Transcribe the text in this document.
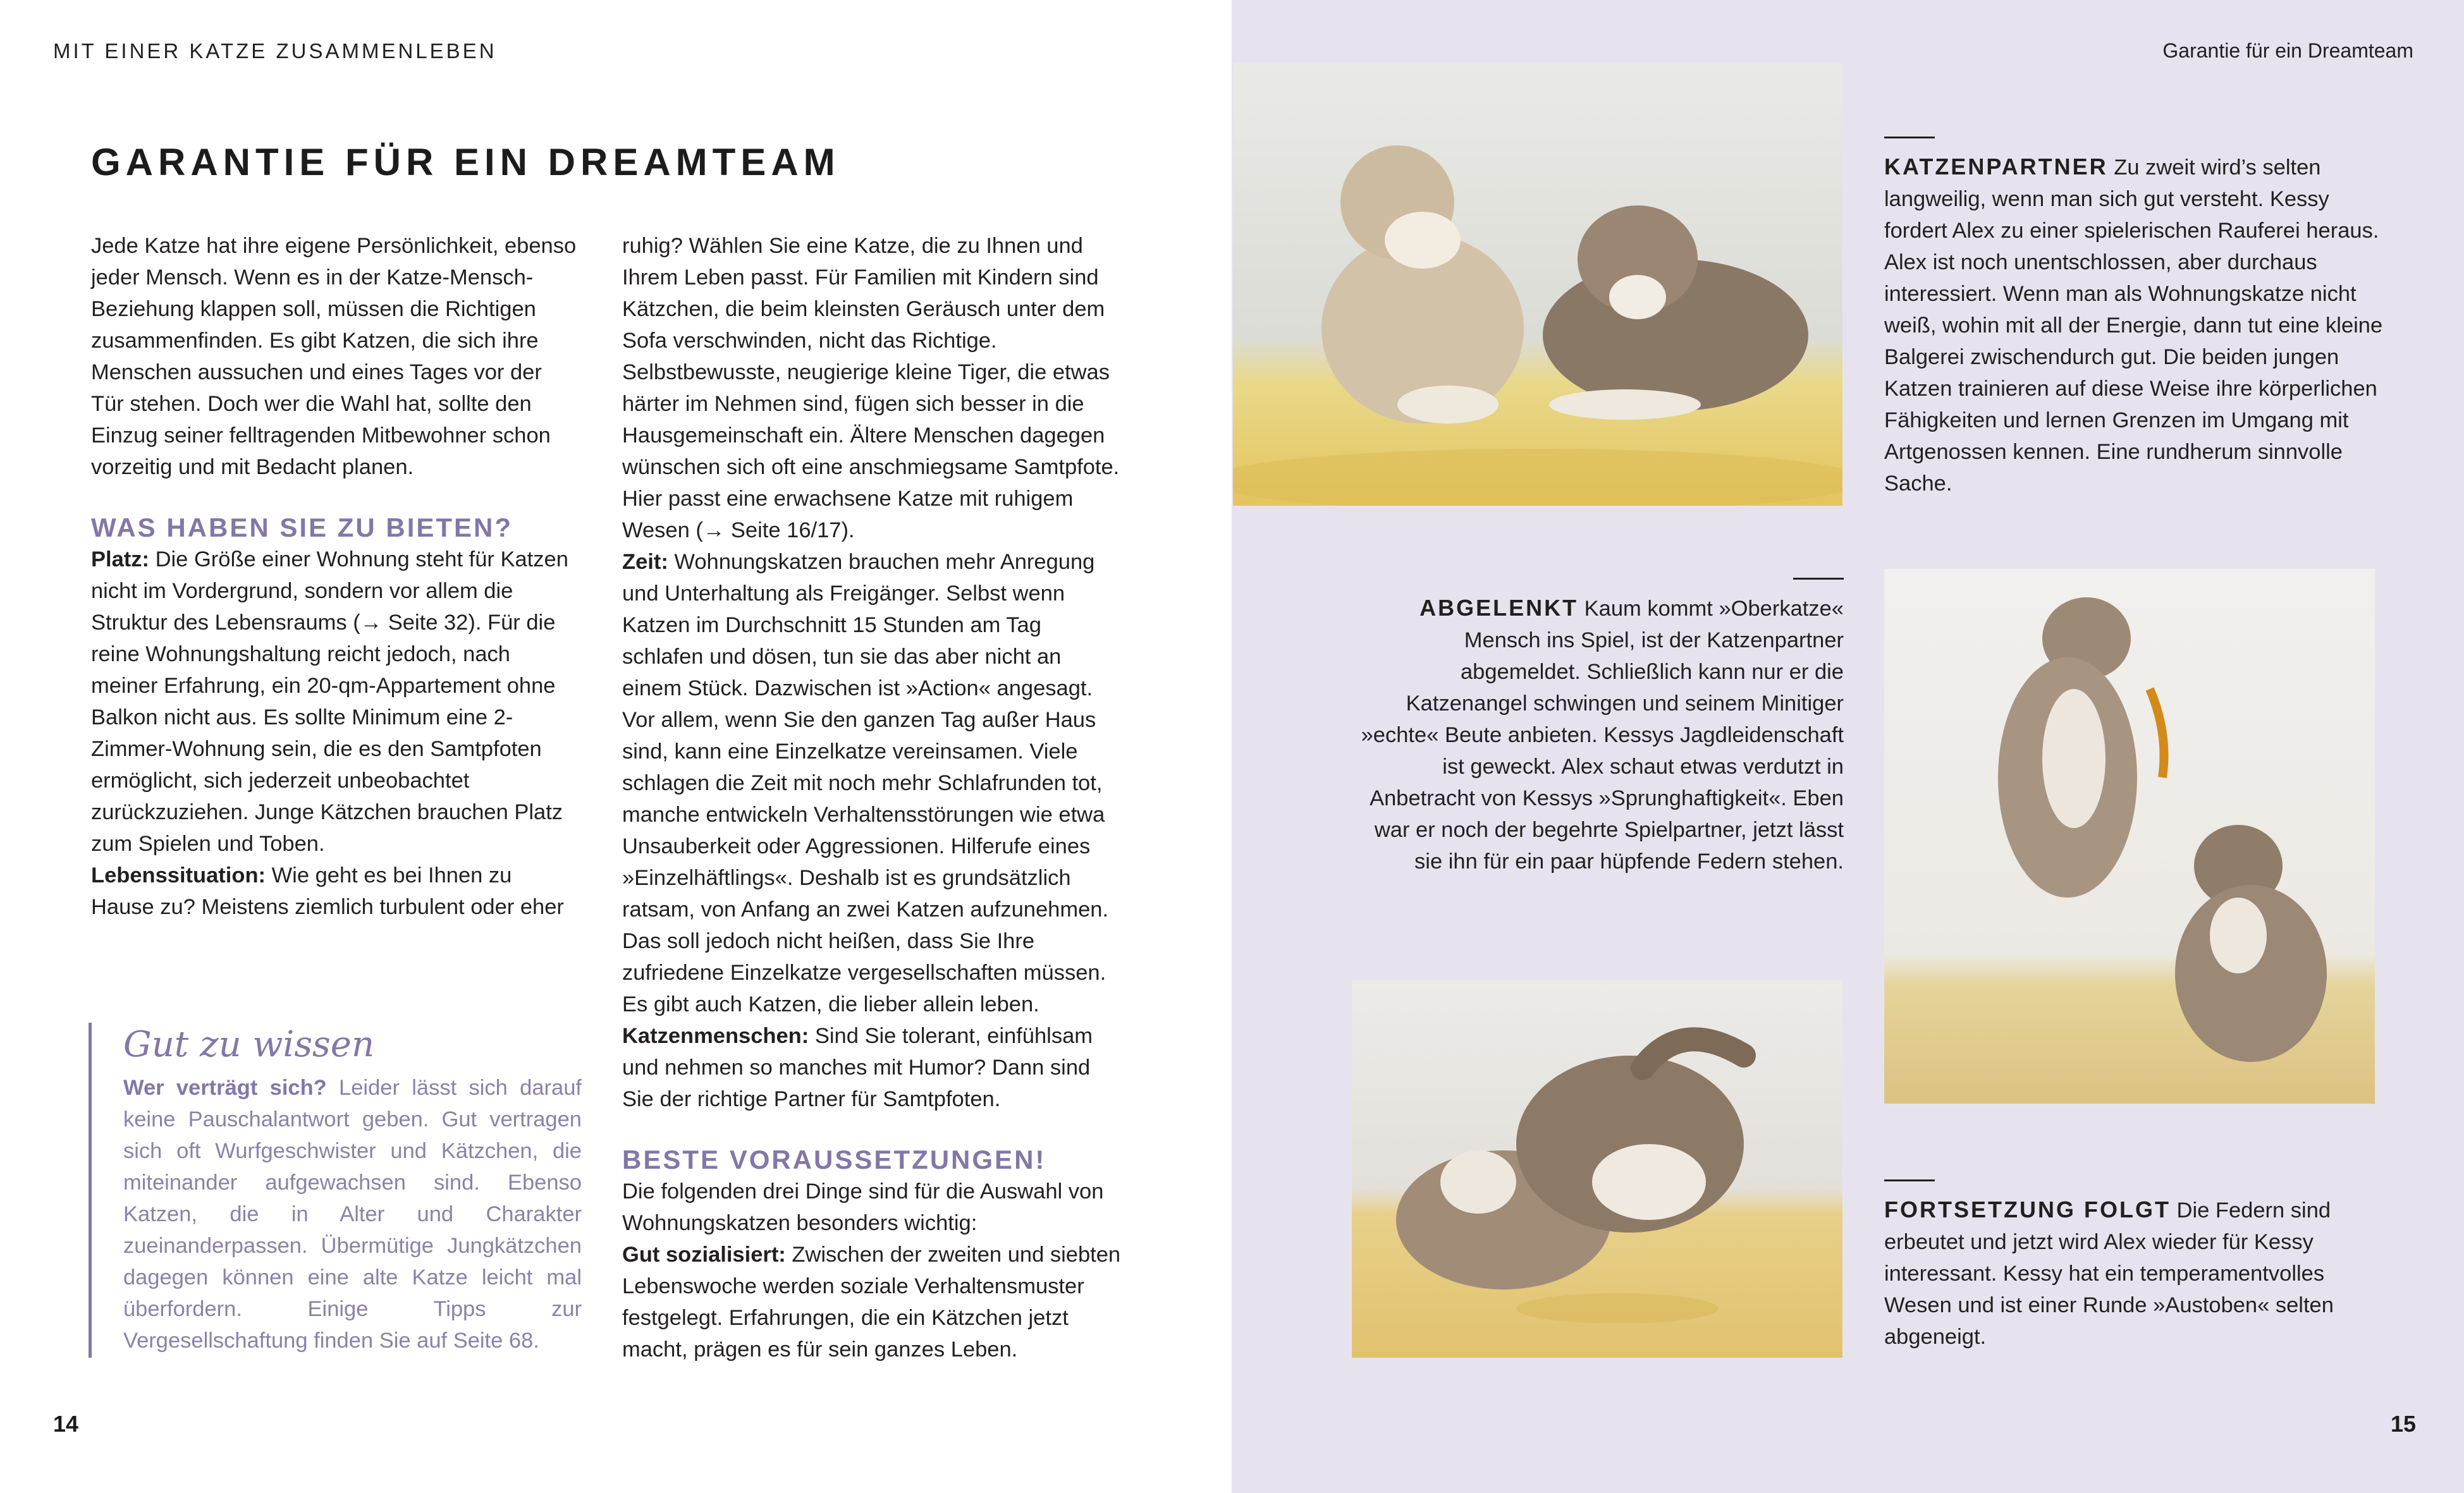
MIT EINER KATZE ZUSAMMENLEBEN	Garantie für ein Dreamteam
GARANTIE FÜR EIN DREAMTEAM

Jede Katze hat ihre eigene Persönlichkeit, ebenso jeder Mensch. Wenn es in der Katze-Mensch-Beziehung klappen soll, müssen die Richtigen zusammenfinden. Es gibt Katzen, die sich ihre Menschen aussuchen und eines Tages vor der Tür stehen. Doch wer die Wahl hat, sollte den Einzug seiner felltragenden Mitbewohner schon vorzeitig und mit Bedacht planen.

WAS HABEN SIE ZU BIETEN?

Platz: Die Größe einer Wohnung steht für Katzen nicht im Vordergrund, sondern vor allem die Struktur des Lebensraums (→ Seite 32). Für die reine Wohnungshaltung reicht jedoch, nach meiner Erfahrung, ein 20-qm-Appartement ohne Balkon nicht aus. Es sollte Minimum eine 2-Zimmer-Wohnung sein, die es den Samtpfoten ermöglicht, sich jederzeit unbeobachtet zurückzuziehen. Junge Kätzchen brauchen Platz zum Spielen und Toben.

Lebenssituation: Wie geht es bei Ihnen zu Hause zu? Meistens ziemlich turbulent oder eher

Gut zu wissen

Wer verträgt sich? Leider lässt sich darauf keine Pauschalantwort geben. Gut vertragen sich oft Wurfgeschwister und Kätzchen, die miteinander aufgewachsen sind. Ebenso Katzen, die in Alter und Charakter zueinanderpassen. Übermütige Jungkätzchen dagegen können eine alte Katze leicht mal überfordern. Einige Tipps zur Vergesellschaftung finden Sie auf Seite 68.

ruhig? Wählen Sie eine Katze, die zu Ihnen und Ihrem Leben passt. Für Familien mit Kindern sind Kätzchen, die beim kleinsten Geräusch unter dem Sofa verschwinden, nicht das Richtige. Selbstbewusste, neugierige kleine Tiger, die etwas härter im Nehmen sind, fügen sich besser in die Hausgemeinschaft ein. Ältere Menschen dagegen wünschen sich oft eine anschmiegsame Samtpfote. Hier passt eine erwachsene Katze mit ruhigem Wesen (→ Seite 16/17).

Zeit: Wohnungskatzen brauchen mehr Anregung und Unterhaltung als Freigänger. Selbst wenn Katzen im Durchschnitt 15 Stunden am Tag schlafen und dösen, tun sie das aber nicht an einem Stück. Dazwischen ist »Action« angesagt. Vor allem, wenn Sie den ganzen Tag außer Haus sind, kann eine Einzelkatze vereinsamen. Viele schlagen die Zeit mit noch mehr Schlafrunden tot, manche entwickeln Verhaltensstörungen wie etwa Unsauberkeit oder Aggressionen. Hilferufe eines »Einzelhäftlings«. Deshalb ist es grundsätzlich ratsam, von Anfang an zwei Katzen aufzunehmen. Das soll jedoch nicht heißen, dass Sie Ihre zufriedene Einzelkatze vergesellschaften müssen. Es gibt auch Katzen, die lieber allein leben.

Katzenmenschen: Sind Sie tolerant, einfühlsam und nehmen so manches mit Humor? Dann sind Sie der richtige Partner für Samtpfoten.

BESTE VORAUSSETZUNGEN!

Die folgenden drei Dinge sind für die Auswahl von Wohnungskatzen besonders wichtig:

Gut sozialisiert: Zwischen der zweiten und siebten Lebenswoche werden soziale Verhaltensmuster festgelegt. Erfahrungen, die ein Kätzchen jetzt macht, prägen es für sein ganzes Leben.

14	15
KATZENPARTNER Zu zweit wird’s selten langweilig, wenn man sich gut versteht. Kessy fordert Alex zu einer spielerischen Rauferei heraus. Alex ist noch unentschlossen, aber durchaus interessiert. Wenn man als Wohnungskatze nicht weiß, wohin mit all der Energie, dann tut eine kleine Balgerei zwischendurch gut. Die beiden jungen Katzen trainieren auf diese Weise ihre körperlichen Fähigkeiten und lernen Grenzen im Umgang mit Artgenossen kennen. Eine rundherum sinnvolle Sache.
ABGELENKT Kaum kommt »Oberkatze« Mensch ins Spiel, ist der Katzenpartner abgemeldet. Schließlich kann nur er die Katzenangel schwingen und seinem Minitiger »echte« Beute anbieten. Kessys Jagdleidenschaft ist geweckt. Alex schaut etwas verdutzt in Anbetracht von Kessys »Sprunghaftigkeit«. Eben war er noch der begehrte Spielpartner, jetzt lässt sie ihn für ein paar hüpfende Federn stehen.
FORTSETZUNG FOLGT Die Federn sind erbeutet und jetzt wird Alex wieder für Kessy interessant. Kessy hat ein temperamentvolles Wesen und ist einer Runde »Austoben« selten abgeneigt.
